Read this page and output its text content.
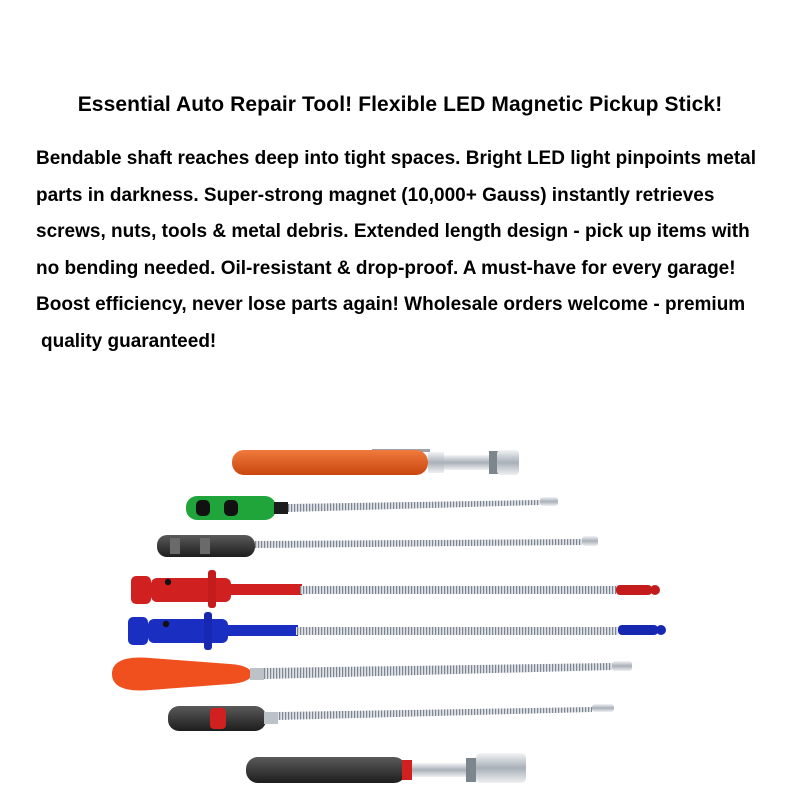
Essential Auto Repair Tool! Flexible LED Magnetic Pickup Stick!
Bendable shaft reaches deep into tight spaces. Bright LED light pinpoints metal
parts in darkness. Super-strong magnet (10,000+ Gauss) instantly retrieves
screws, nuts, tools & metal debris. Extended length design - pick up items with
no bending needed. Oil-resistant & drop-proof. A must-have for every garage!
Boost efficiency, never lose parts again! Wholesale orders welcome - premium
quality guaranteed!
